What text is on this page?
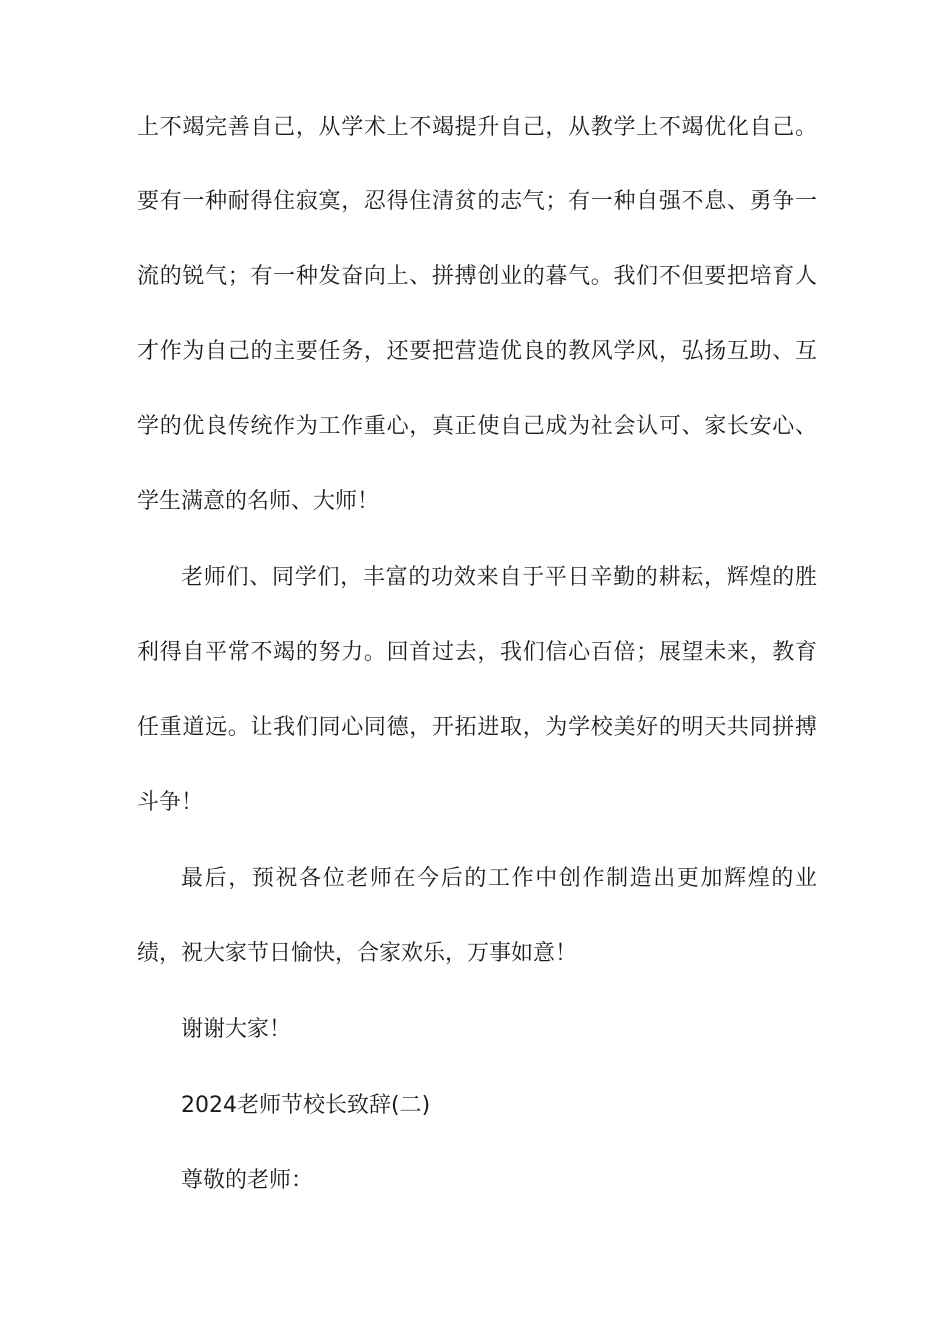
上不竭完善自己，从学术上不竭提升自己，从教学上不竭优化自己。
要有一种耐得住寂寞，忍得住清贫的志气；有一种自强不息、勇争一
流的锐气；有一种发奋向上、拼搏创业的暮气。我们不但要把培育人
才作为自己的主要任务，还要把营造优良的教风学风，弘扬互助、互
学的优良传统作为工作重心，真正使自己成为社会认可、家长安心、
学生满意的名师、大师！
老师们、同学们，丰富的功效来自于平日辛勤的耕耘，辉煌的胜
利得自平常不竭的努力。回首过去，我们信心百倍；展望未来，教育
任重道远。让我们同心同德，开拓进取，为学校美好的明天共同拼搏
斗争！
最后，预祝各位老师在今后的工作中创作制造出更加辉煌的业
绩，祝大家节日愉快，合家欢乐，万事如意！
谢谢大家！
2024老师节校长致辞(二)
尊敬的老师：
